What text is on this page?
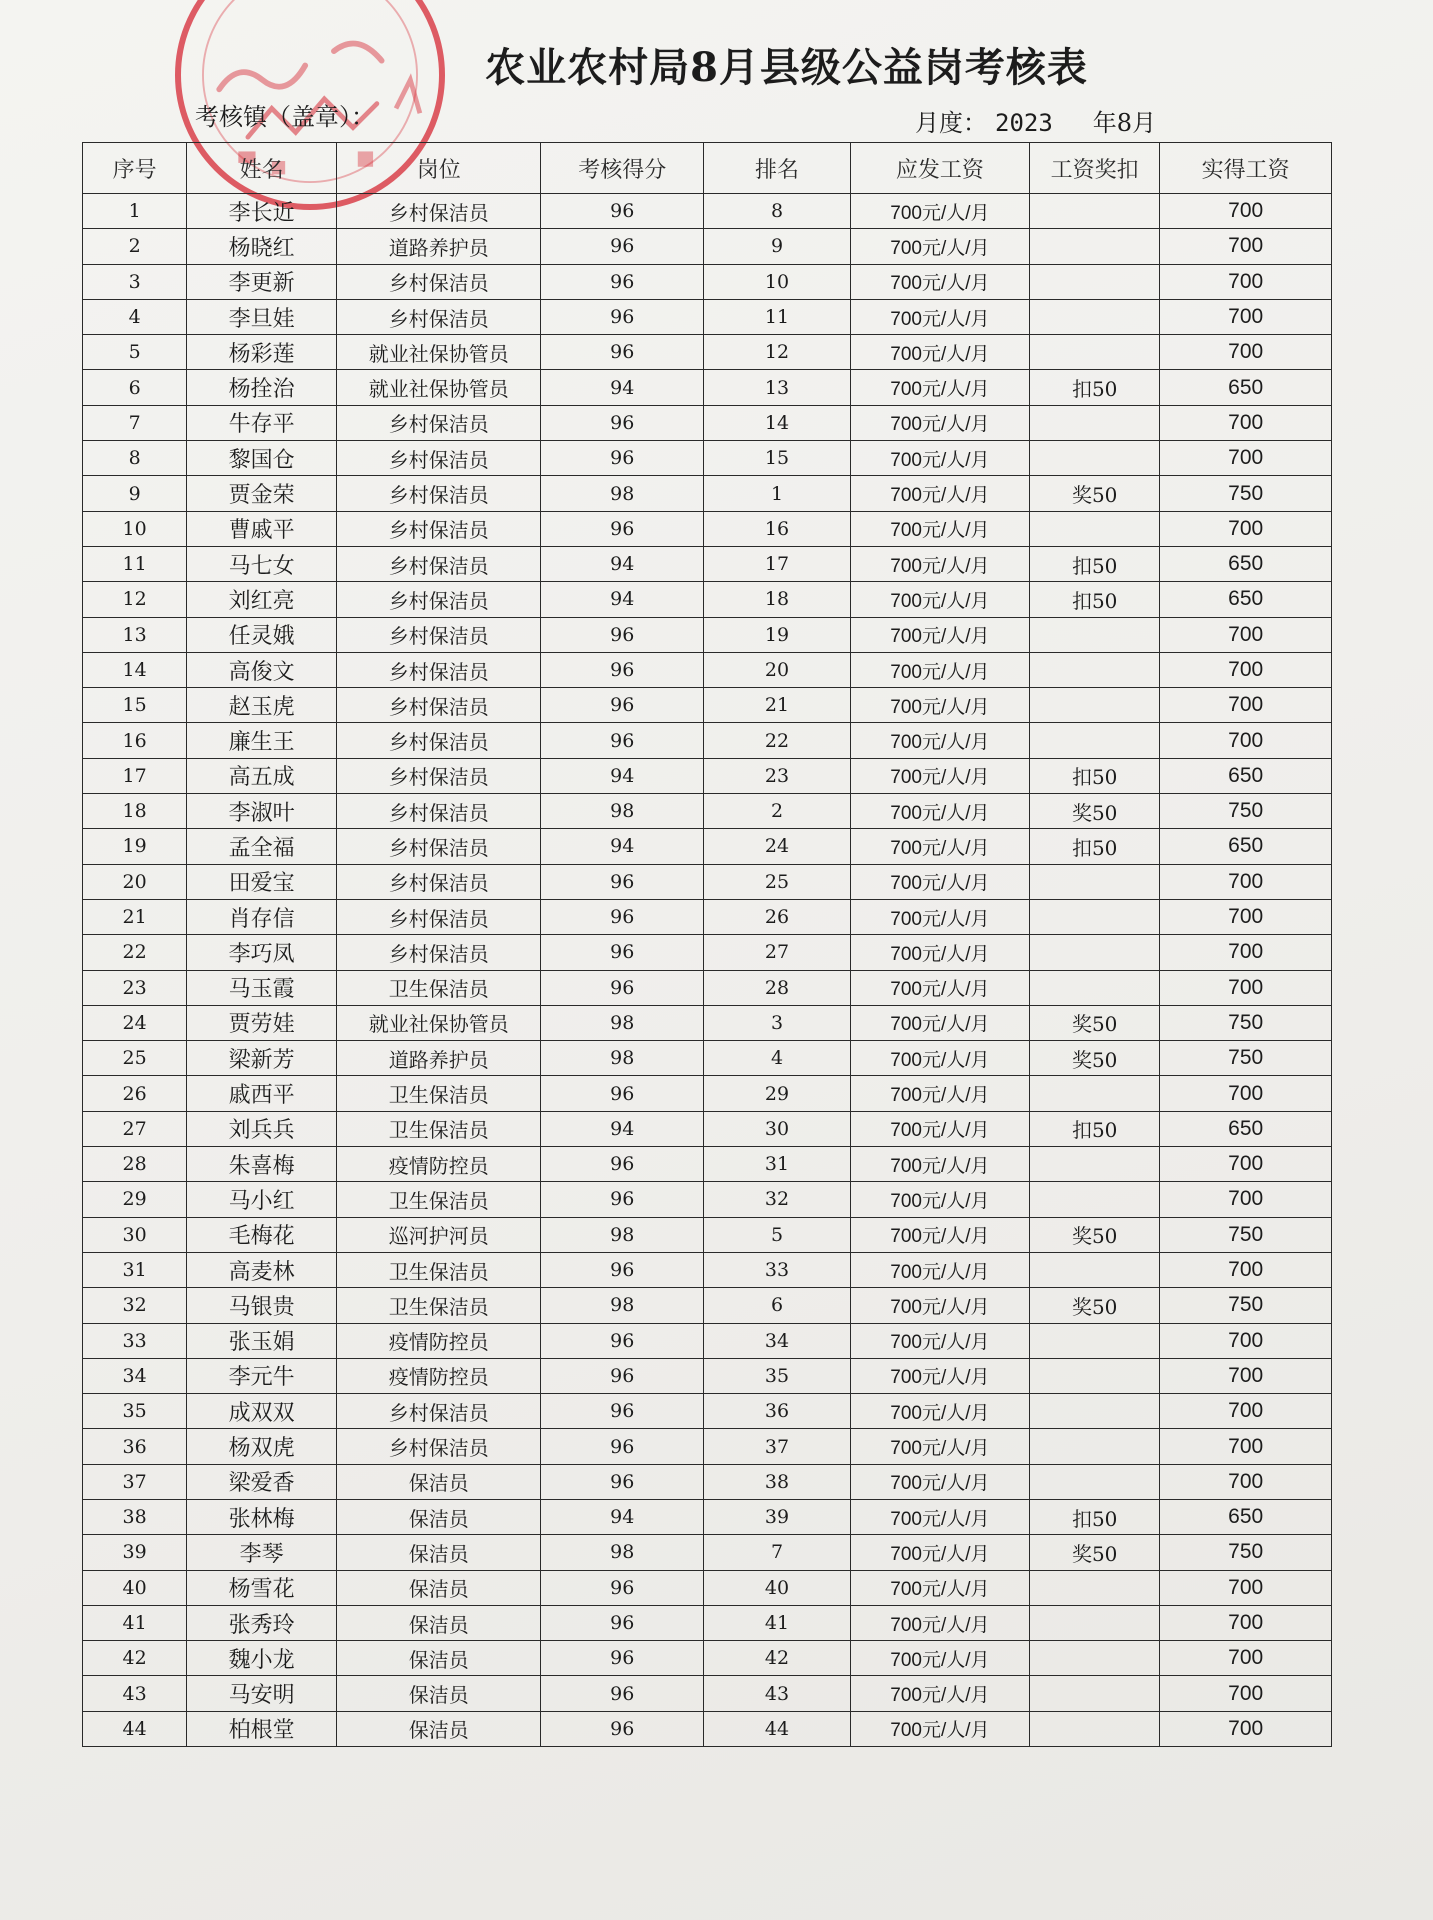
农业农村局8月县级公益岗考核表
考核镇（盖章）：	月度： 2023 年8月
序号	姓名	岗位	考核得分	排名	应发工资	工资奖扣	实得工资
1	李长近	乡村保洁员	96	8	700元/人/月		700
2	杨晓红	道路养护员	96	9	700元/人/月		700
3	李更新	乡村保洁员	96	10	700元/人/月		700
4	李旦娃	乡村保洁员	96	11	700元/人/月		700
5	杨彩莲	就业社保协管员	96	12	700元/人/月		700
6	杨拴治	就业社保协管员	94	13	700元/人/月	扣50	650
7	牛存平	乡村保洁员	96	14	700元/人/月		700
8	黎国仓	乡村保洁员	96	15	700元/人/月		700
9	贾金荣	乡村保洁员	98	1	700元/人/月	奖50	750
10	曹戚平	乡村保洁员	96	16	700元/人/月		700
11	马七女	乡村保洁员	94	17	700元/人/月	扣50	650
12	刘红亮	乡村保洁员	94	18	700元/人/月	扣50	650
13	任灵娥	乡村保洁员	96	19	700元/人/月		700
14	高俊文	乡村保洁员	96	20	700元/人/月		700
15	赵玉虎	乡村保洁员	96	21	700元/人/月		700
16	廉生王	乡村保洁员	96	22	700元/人/月		700
17	高五成	乡村保洁员	94	23	700元/人/月	扣50	650
18	李淑叶	乡村保洁员	98	2	700元/人/月	奖50	750
19	孟全福	乡村保洁员	94	24	700元/人/月	扣50	650
20	田爱宝	乡村保洁员	96	25	700元/人/月		700
21	肖存信	乡村保洁员	96	26	700元/人/月		700
22	李巧凤	乡村保洁员	96	27	700元/人/月		700
23	马玉霞	卫生保洁员	96	28	700元/人/月		700
24	贾劳娃	就业社保协管员	98	3	700元/人/月	奖50	750
25	梁新芳	道路养护员	98	4	700元/人/月	奖50	750
26	戚西平	卫生保洁员	96	29	700元/人/月		700
27	刘兵兵	卫生保洁员	94	30	700元/人/月	扣50	650
28	朱喜梅	疫情防控员	96	31	700元/人/月		700
29	马小红	卫生保洁员	96	32	700元/人/月		700
30	毛梅花	巡河护河员	98	5	700元/人/月	奖50	750
31	高麦林	卫生保洁员	96	33	700元/人/月		700
32	马银贵	卫生保洁员	98	6	700元/人/月	奖50	750
33	张玉娟	疫情防控员	96	34	700元/人/月		700
34	李元牛	疫情防控员	96	35	700元/人/月		700
35	成双双	乡村保洁员	96	36	700元/人/月		700
36	杨双虎	乡村保洁员	96	37	700元/人/月		700
37	梁爱香	保洁员	96	38	700元/人/月		700
38	张林梅	保洁员	94	39	700元/人/月	扣50	650
39	李琴	保洁员	98	7	700元/人/月	奖50	750
40	杨雪花	保洁员	96	40	700元/人/月		700
41	张秀玲	保洁员	96	41	700元/人/月		700
42	魏小龙	保洁员	96	42	700元/人/月		700
43	马安明	保洁员	96	43	700元/人/月		700
44	柏根堂	保洁员	96	44	700元/人/月		700
